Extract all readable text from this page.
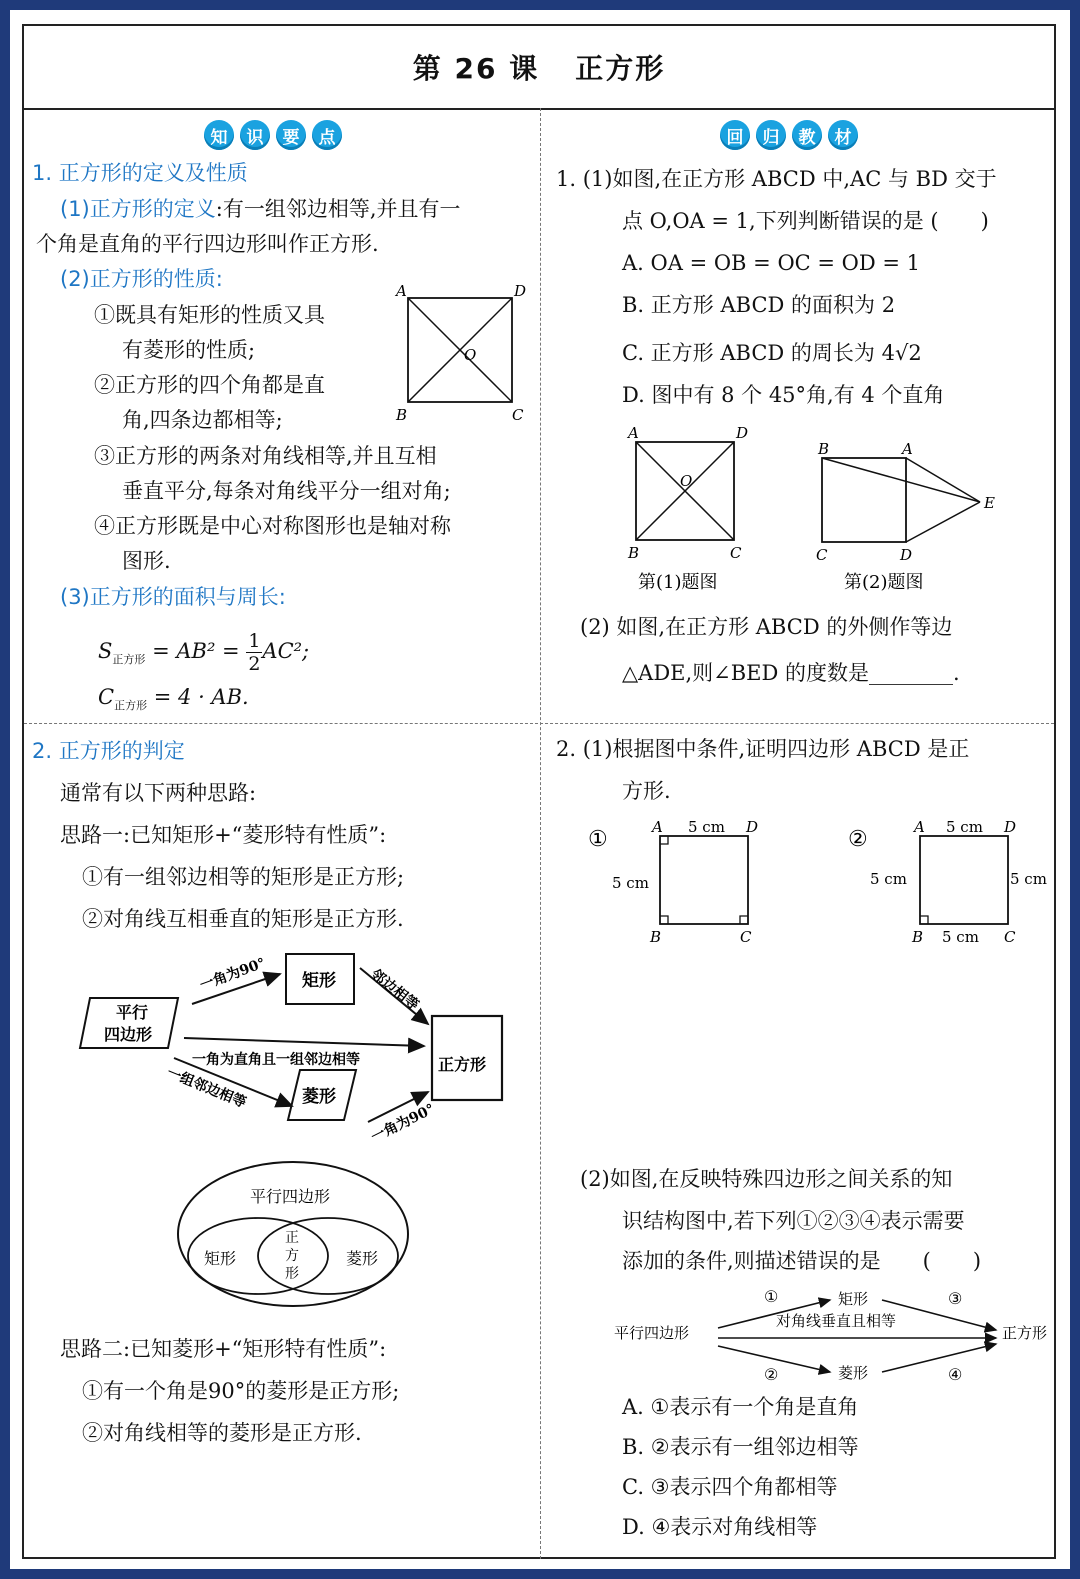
第 26 课 正方形
知	识	要	点	回	归	教	材
1. 正方形的定义及性质
(1)正方形的定义:有一组邻边相等,并且有一
个角是直角的平行四边形叫作正方形.
(2)正方形的性质:
①既具有矩形的性质又具
有菱形的性质;
②正方形的四个角都是直
角,四条边都相等;
③正方形的两条对角线相等,并且互相
垂直平分,每条对角线平分一组对角;
④正方形既是中心对称图形也是轴对称
图形.
A	D
B	C
O
(3)正方形的面积与周长:
$S_{正方形} = AB^2 = \frac{1}{2} AC^2$;
$C_{正方形} = 4$ · AB.
2. 正方形的判定
通常有以下两种思路:
思路一:已知矩形+“菱形特有性质”:
①有一组邻边相等的矩形是正方形;
②对角线互相垂直的矩形是正方形.
平行
四边形
矩形
菱形
正方形
一角为90°	邻边相等
一角为直角且一组邻边相等
一组邻边相等
一角为90°
平行四边形
矩形	菱形
正
方
形
思路二:已知菱形+“矩形特有性质”:
①有一个角是90°的菱形是正方形;
②对角线相等的菱形是正方形.
1. (1)如图,在正方形 ABCD 中,AC 与 BD 交于
点 O,OA = 1,下列判断错误的是 (　　)
A. OA = OB = OC = OD = 1
B. 正方形 ABCD 的面积为 2
C. 正方形 ABCD 的周长为 4√2
D. 图中有 8 个 45°角,有 4 个直角
A	D
B	C
O
第(1)题图
B	A
E
C	D
第(2)题图
(2) 如图,在正方形 ABCD 的外侧作等边
△ADE,则∠BED 的度数是________.
2. (1)根据图中条件,证明四边形 ABCD 是正
方形.
①	A	D
B	C
5 cm
5 cm
②	A	D
B	C
5 cm
5 cm	5 cm
5 cm
(2)如图,在反映特殊四边形之间关系的知
识结构图中,若下列①②③④表示需要
添加的条件,则描述错误的是　　(　　)
平行四边形
矩形
菱形
正方形
对角线垂直且相等
①
②
③
④
A. ①表示有一个角是直角
B. ②表示有一组邻边相等
C. ③表示四个角都相等
D. ④表示对角线相等
